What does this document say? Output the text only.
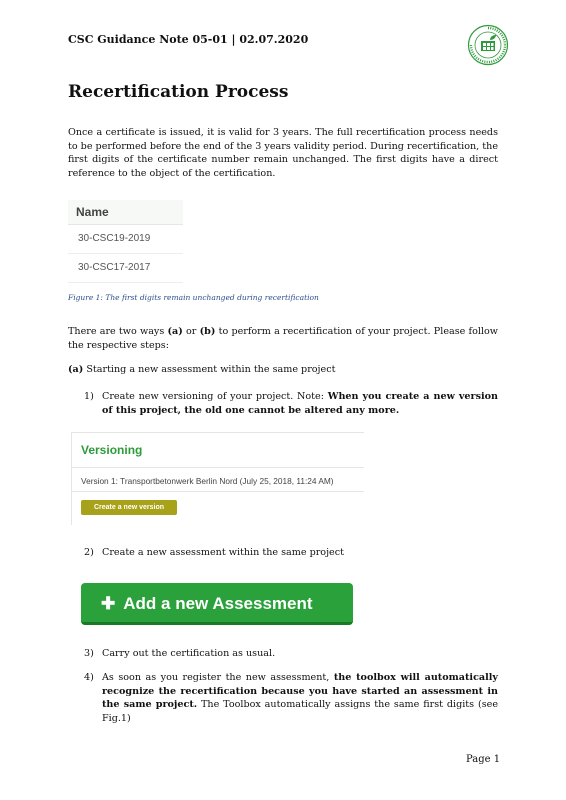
CSC Guidance Note 05-01 | 02.07.2020
Recertification Process
Once a certificate is issued, it is valid for 3 years. The full recertification process needs to be performed before the end of the 3 years validity period. During recertification, the first digits of the certificate number remain unchanged. The first digits have a direct reference to the object of the certification.
Name
30-CSC19-2019
30-CSC17-2017
Figure 1: The first digits remain unchanged during recertification
There are two ways (a) or (b) to perform a recertification of your project. Please follow the respective steps:
(a) Starting a new assessment within the same project
1) Create new versioning of your project. Note: When you create a new version of this project, the old one cannot be altered any more.
Versioning
Version 1: Transportbetonwerk Berlin Nord (July 25, 2018, 11:24 AM)
Create a new version
2) Create a new assessment within the same project
✚ Add a new Assessment
3) Carry out the certification as usual.
4) As soon as you register the new assessment, the toolbox will automatically recognize the recertification because you have started an assessment in the same project. The Toolbox automatically assigns the same first digits (see Fig.1)
Page 1
